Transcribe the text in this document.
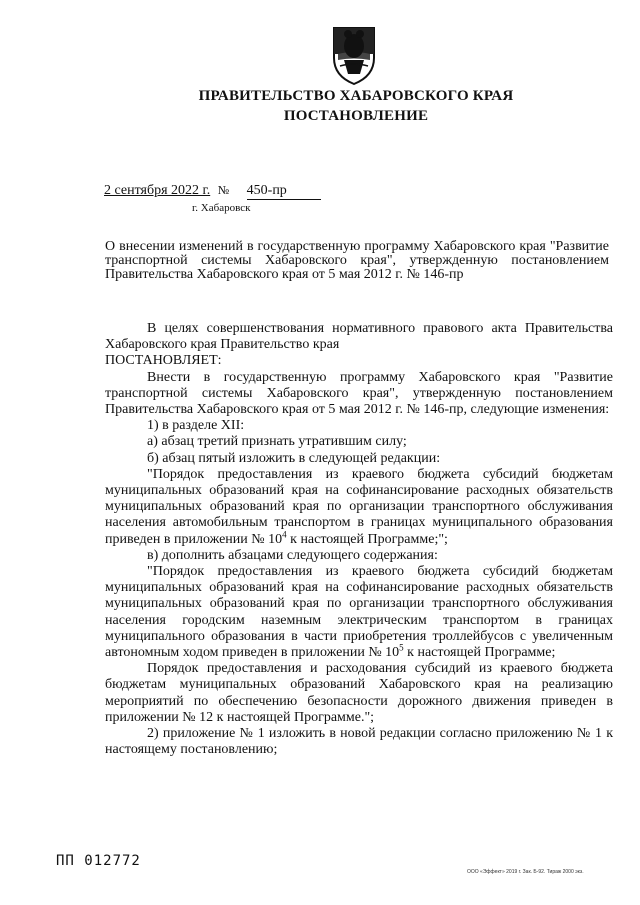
ПРАВИТЕЛЬСТВО ХАБАРОВСКОГО КРАЯ
ПОСТАНОВЛЕНИЕ
2 сентября 2022 г. № 450-пр
г. Хабаровск
О внесении изменений в государственную программу Хабаровского края "Развитие транспортной системы Хабаровского края", утвержденную постановлением Правительства Хабаровского края от 5 мая 2012 г. № 146-пр

В целях совершенствования нормативного правового акта Правительства Хабаровского края Правительство края

ПОСТАНОВЛЯЕТ:

Внести в государственную программу Хабаровского края "Развитие транспортной системы Хабаровского края", утвержденную постановлением Правительства Хабаровского края от 5 мая 2012 г. № 146-пр, следующие изменения:

1) в разделе XII:

а) абзац третий признать утратившим силу;

б) абзац пятый изложить в следующей редакции:

"Порядок предоставления из краевого бюджета субсидий бюджетам муниципальных образований края на софинансирование расходных обязательств муниципальных образований края по организации транспортного обслуживания населения автомобильным транспортом в границах муниципального образования приведен в приложении № $10^4$ к настоящей Программе;";

в) дополнить абзацами следующего содержания:

"Порядок предоставления из краевого бюджета субсидий бюджетам муниципальных образований края на софинансирование расходных обязательств муниципальных образований края по организации транспортного обслуживания населения городским наземным электрическим транспортом в границах муниципального образования в части приобретения троллейбусов с увеличенным автономным ходом приведен в приложении № $10^5$ к настоящей Программе;

Порядок предоставления и расходования субсидий из краевого бюджета бюджетам муниципальных образований Хабаровского края на реализацию мероприятий по обеспечению безопасности дорожного движения приведен в приложении № 12 к настоящей Программе.";

2) приложение № 1 изложить в новой редакции согласно приложению № 1 к настоящему постановлению;

ПП 012772
ООО «Эффект» 2019 г. Зак. Б-92. Тираж 2000 экз.
